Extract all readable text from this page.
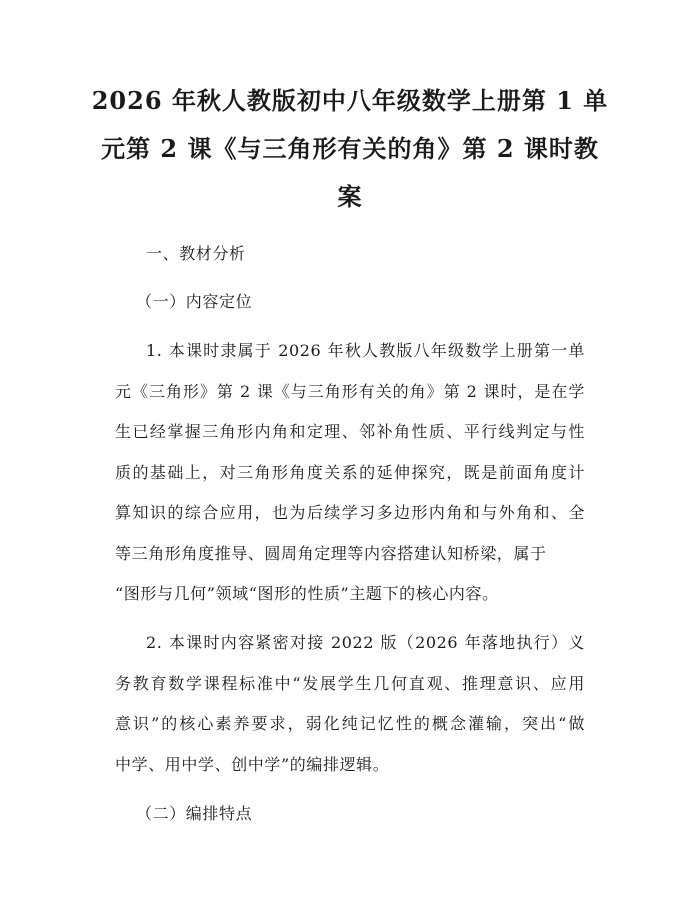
2026 年秋人教版初中八年级数学上册第 1 单
元第 2 课《与三角形有关的角》第 2 课时教
案
一、教材分析
（一）内容定位
1. 本课时隶属于 2026 年秋人教版八年级数学上册第一单
元《三角形》第 2 课《与三角形有关的角》第 2 课时，是在学
生已经掌握三角形内角和定理、邻补角性质、平行线判定与性
质的基础上，对三角形角度关系的延伸探究，既是前面角度计
算知识的综合应用，也为后续学习多边形内角和与外角和、全
等三角形角度推导、圆周角定理等内容搭建认知桥梁，属于
“图形与几何”领域“图形的性质”主题下的核心内容。
2. 本课时内容紧密对接 2022 版（2026 年落地执行）义
务教育数学课程标准中“发展学生几何直观、推理意识、应用
意识”的核心素养要求，弱化纯记忆性的概念灌输，突出“做
中学、用中学、创中学”的编排逻辑。
（二）编排特点
